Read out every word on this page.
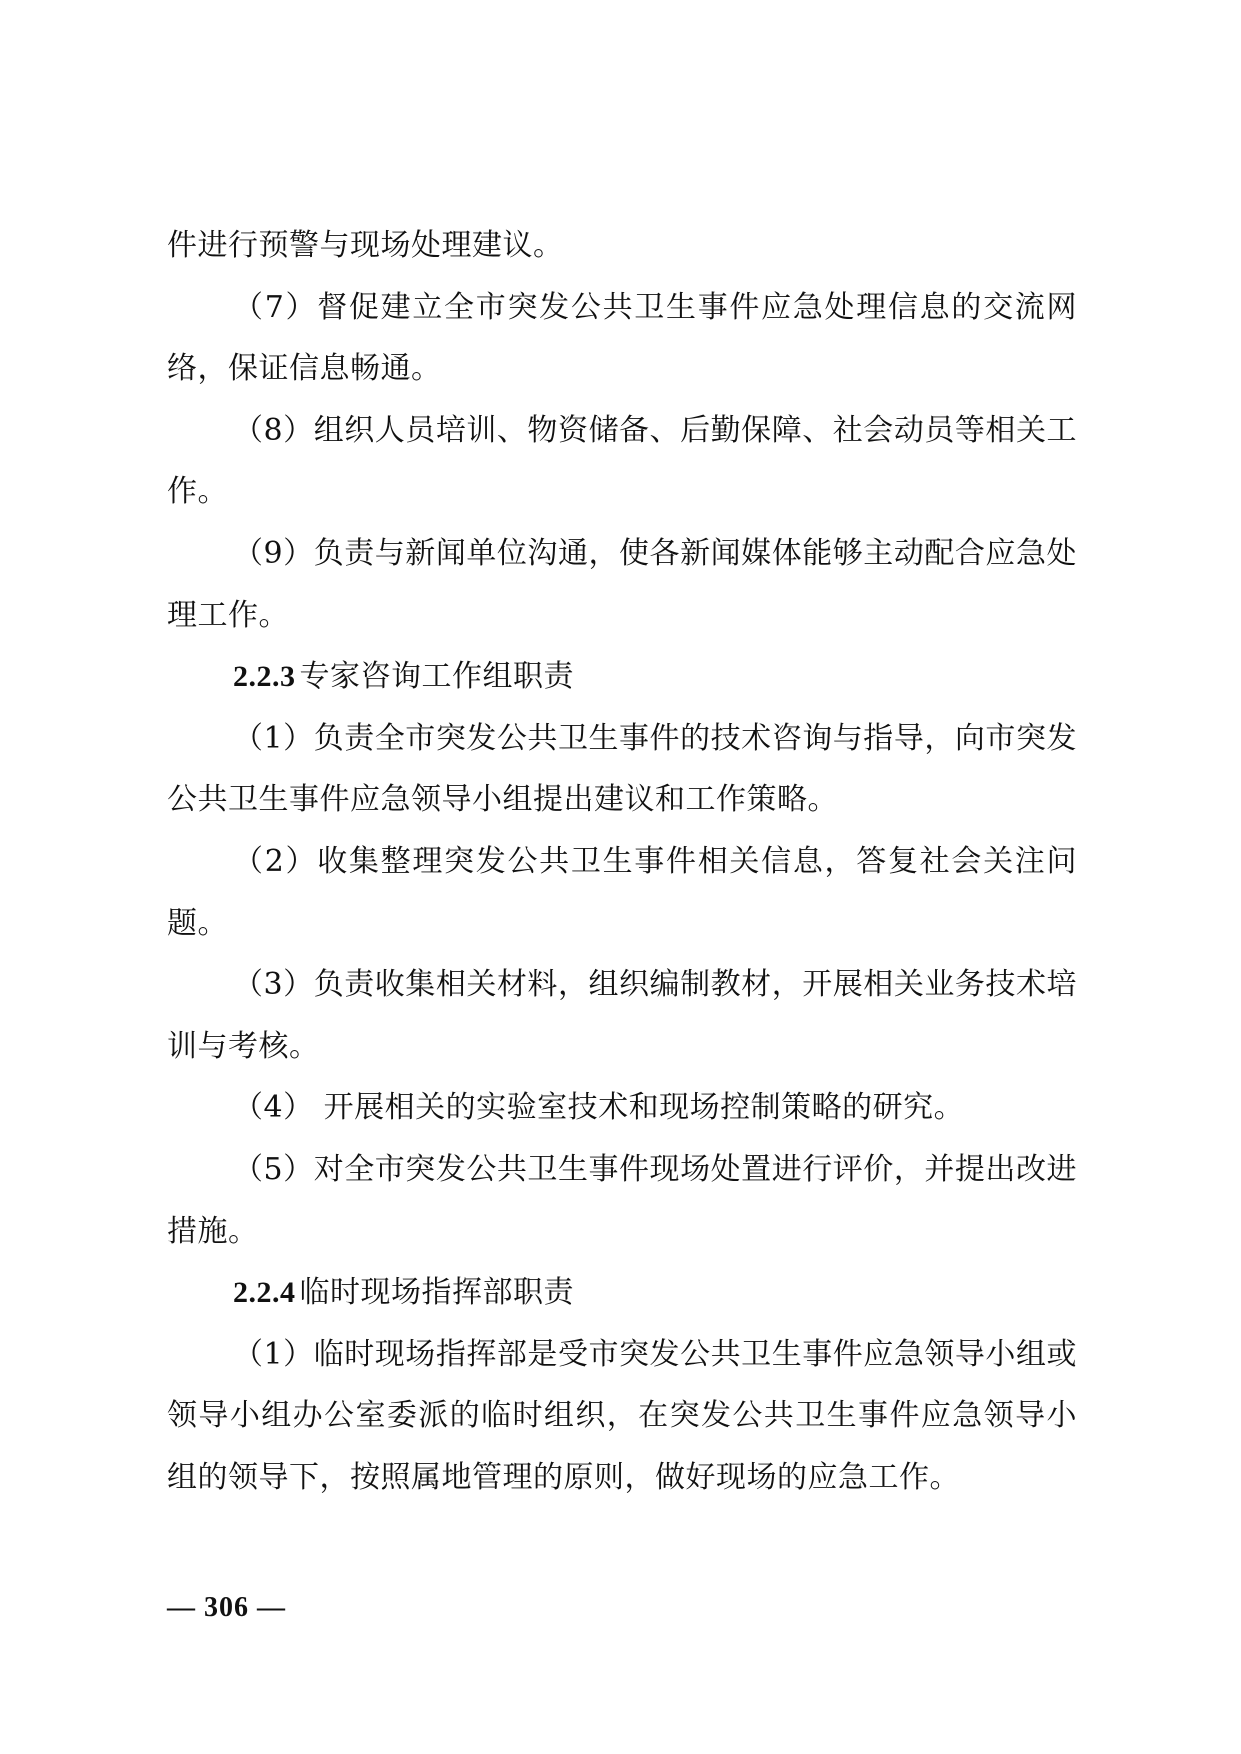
件进行预警与现场处理建议。

（7）督促建立全市突发公共卫生事件应急处理信息的交流网络，保证信息畅通。

（8）组织人员培训、物资储备、后勤保障、社会动员等相关工作。

（9）负责与新闻单位沟通，使各新闻媒体能够主动配合应急处理工作。

2.2.3 专家咨询工作组职责

（1）负责全市突发公共卫生事件的技术咨询与指导，向市突发公共卫生事件应急领导小组提出建议和工作策略。

（2）收集整理突发公共卫生事件相关信息，答复社会关注问题。

（3）负责收集相关材料，组织编制教材，开展相关业务技术培训与考核。

（4） 开展相关的实验室技术和现场控制策略的研究。

（5）对全市突发公共卫生事件现场处置进行评价，并提出改进措施。

2.2.4 临时现场指挥部职责

（1）临时现场指挥部是受市突发公共卫生事件应急领导小组或领导小组办公室委派的临时组织，在突发公共卫生事件应急领导小组的领导下，按照属地管理的原则，做好现场的应急工作。

— 306 —
